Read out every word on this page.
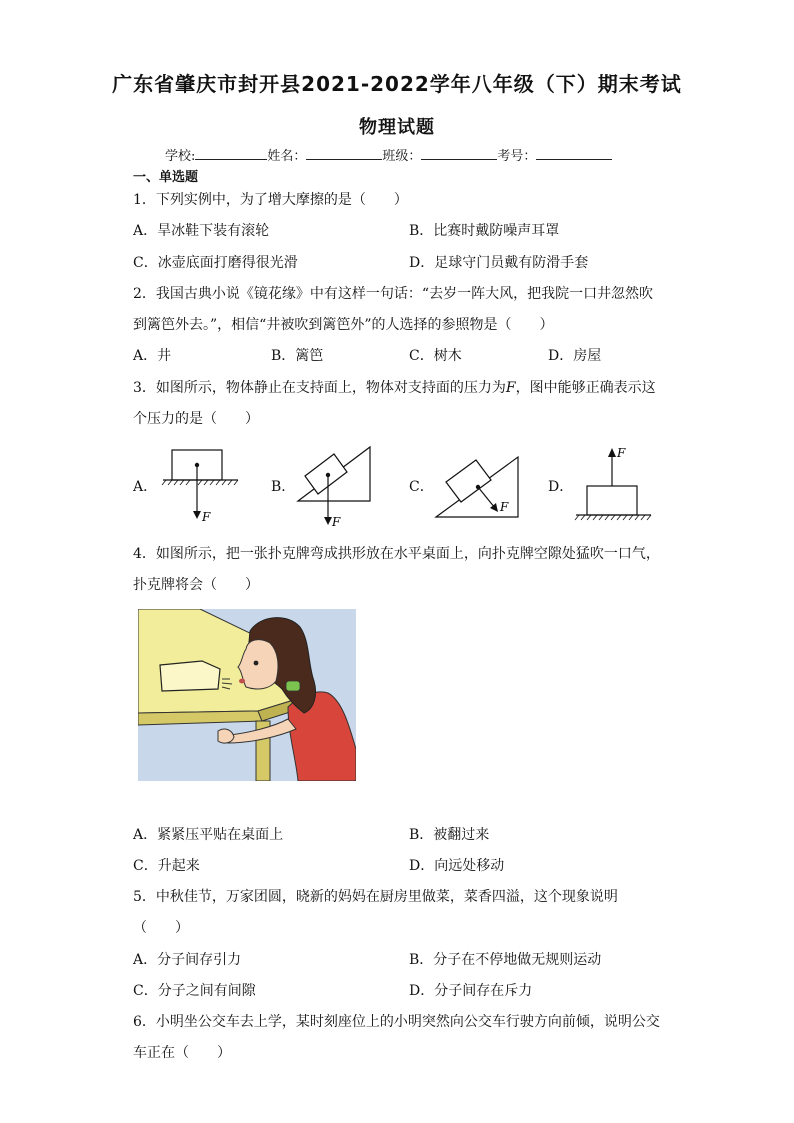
广东省肇庆市封开县2021-2022学年八年级（下）期末考试
物理试题
学校:	姓名：	班级：	考号：
一、单选题
1．下列实例中，为了增大摩擦的是（　　）
A．旱冰鞋下装有滚轮	B．比赛时戴防噪声耳罩
C．冰壶底面打磨得很光滑	D．足球守门员戴有防滑手套
2．我国古典小说《镜花缘》中有这样一句话：“去岁一阵大风，把我院一口井忽然吹
到篱笆外去。”，相信“井被吹到篱笆外”的人选择的参照物是（　　）
A．井	B．篱笆	C．树木	D．房屋
3．如图所示，物体静止在支持面上，物体对支持面的压力为F，图中能够正确表示这
个压力的是（　　）
A．	B．	C．	D．
F	F
F
F
4．如图所示，把一张扑克牌弯成拱形放在水平桌面上，向扑克牌空隙处猛吹一口气，
扑克牌将会（　　）
A．紧紧压平贴在桌面上	B．被翻过来
C．升起来	D．向远处移动
5．中秋佳节，万家团圆，晓新的妈妈在厨房里做菜，菜香四溢，这个现象说明
（　　）
A．分子间存引力	B．分子在不停地做无规则运动
C．分子之间有间隙	D．分子间存在斥力
6．小明坐公交车去上学，某时刻座位上的小明突然向公交车行驶方向前倾，说明公交
车正在（　　）
